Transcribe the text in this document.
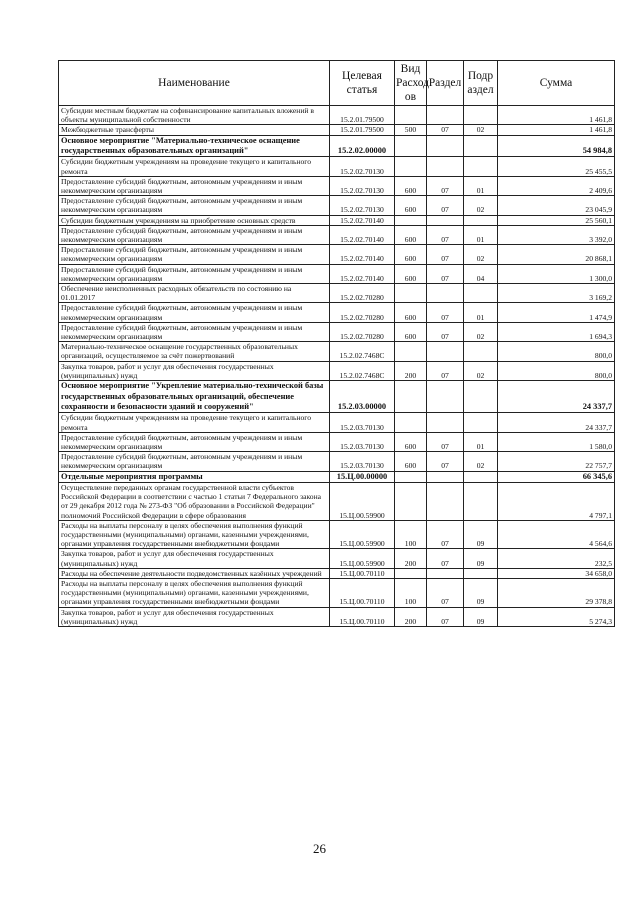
Наименование	Целевая статья	Вид Расход ов	Раздел	Подр аздел	Сумма
Субсидии местным бюджетам на софинансирование капитальных вложений в объекты муниципальной собственности	15.2.01.79500				1 461,8
Межбюджетные трансферты	15.2.01.79500	500	07	02	1 461,8
Основное мероприятие "Материально-техническое оснащение государственных образовательных организаций"	15.2.02.00000				54 984,8
Субсидии бюджетным учреждениям на проведение текущего и капитального ремонта	15.2.02.70130				25 455,5
Предоставление субсидий бюджетным, автономным учреждениям и иным некоммерческим организациям	15.2.02.70130	600	07	01	2 409,6
Предоставление субсидий бюджетным, автономным учреждениям и иным некоммерческим организациям	15.2.02.70130	600	07	02	23 045,9
Субсидии бюджетным учреждениям на приобретение основных средств	15.2.02.70140				25 560,1
Предоставление субсидий бюджетным, автономным учреждениям и иным некоммерческим организациям	15.2.02.70140	600	07	01	3 392,0
Предоставление субсидий бюджетным, автономным учреждениям и иным некоммерческим организациям	15.2.02.70140	600	07	02	20 868,1
Предоставление субсидий бюджетным, автономным учреждениям и иным некоммерческим организациям	15.2.02.70140	600	07	04	1 300,0
Обеспечение неисполненных расходных обязательств по состоянию на 01.01.2017	15.2.02.70280				3 169,2
Предоставление субсидий бюджетным, автономным учреждениям и иным некоммерческим организациям	15.2.02.70280	600	07	01	1 474,9
Предоставление субсидий бюджетным, автономным учреждениям и иным некоммерческим организациям	15.2.02.70280	600	07	02	1 694,3
Материально-техническое оснащение государственных образовательных организаций, осуществляемое за счёт пожертвований	15.2.02.7468С				800,0
Закупка товаров, работ и услуг для обеспечения государственных (муниципальных) нужд	15.2.02.7468С	200	07	02	800,0
Основное мероприятие "Укрепление материально-технической базы государственных образовательных организаций, обеспечение сохранности и безопасности зданий и сооружений"	15.2.03.00000				24 337,7
Субсидии бюджетным учреждениям на проведение текущего и капитального ремонта	15.2.03.70130				24 337,7
Предоставление субсидий бюджетным, автономным учреждениям и иным некоммерческим организациям	15.2.03.70130	600	07	01	1 580,0
Предоставление субсидий бюджетным, автономным учреждениям и иным некоммерческим организациям	15.2.03.70130	600	07	02	22 757,7
Отдельные мероприятия программы	15.Ц.00.00000				66 345,6
Осуществление переданных органам государственной власти субъектов Российской Федерации в соответствии с частью 1 статьи 7 Федерального закона от 29 декабря 2012 года № 273-ФЗ "Об образовании в Российской Федерации" полномочий Российской Федерации в сфере образования	15.Ц.00.59900				4 797,1
Расходы на выплаты персоналу в целях обеспечения выполнения функций государственными (муниципальными) органами, казенными учреждениями, органами управления государственными внебюджетными фондами	15.Ц.00.59900	100	07	09	4 564,6
Закупка товаров, работ и услуг для обеспечения государственных (муниципальных) нужд	15.Ц.00.59900	200	07	09	232,5
Расходы на обеспечение деятельности подведомственных казённых учреждений	15.Ц.00.70110				34 658,0
Расходы на выплаты персоналу в целях обеспечения выполнения функций государственными (муниципальными) органами, казенными учреждениями, органами управления государственными внебюджетными фондами	15.Ц.00.70110	100	07	09	29 378,8
Закупка товаров, работ и услуг для обеспечения государственных (муниципальных) нужд	15.Ц.00.70110	200	07	09	5 274,3
26
